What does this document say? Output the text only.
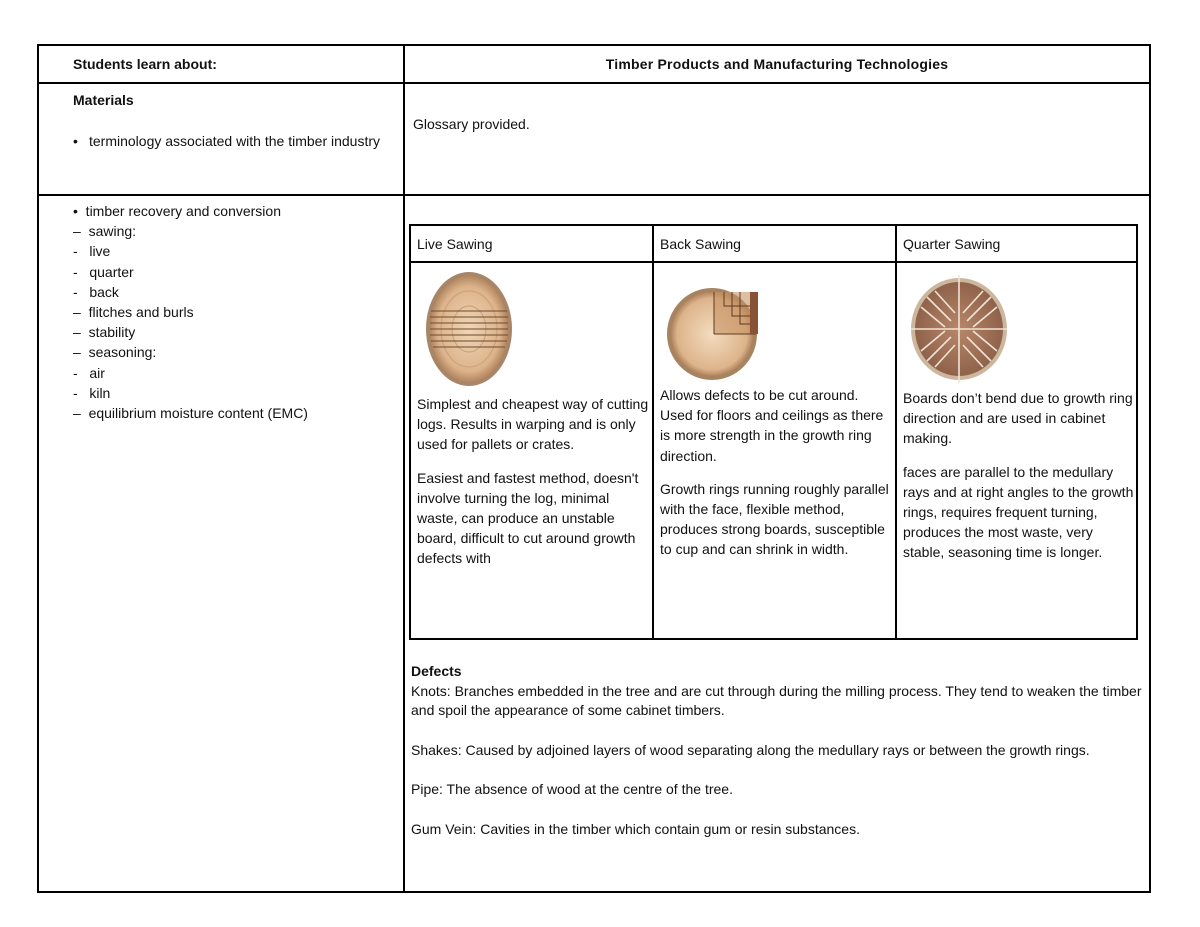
Students learn about:	Timber Products and Manufacturing Technologies
Materials
• terminology associated with the timber industry
Glossary provided.
•  timber recovery and conversion
–  sawing:
-   live
-   quarter
-   back
–  flitches and burls
–  stability
–  seasoning:
-   air
-   kiln
–  equilibrium moisture content (EMC)
Live Sawing

Simplest and cheapest way of cutting logs. Results in warping and is only used for pallets or crates.

Easiest and fastest method, doesn't involve turning the log, minimal waste, can produce an unstable board, difficult to cut around growth defects with

Back Sawing

Allows defects to be cut around. Used for floors and ceilings as there is more strength in the growth ring direction.

Growth rings running roughly parallel with the face, flexible method, produces strong boards, susceptible to cup and can shrink in width.

Quarter Sawing

Boards don’t bend due to growth ring direction and are used in cabinet making.

faces are parallel to the medullary rays and at right angles to the growth rings, requires frequent turning, produces the most waste, very stable, seasoning time is longer.

Defects

Knots: Branches embedded in the tree and are cut through during the milling process. They tend to weaken the timber and spoil the appearance of some cabinet timbers.

Shakes: Caused by adjoined layers of wood separating along the medullary rays or between the growth rings.

Pipe: The absence of wood at the centre of the tree.

Gum Vein: Cavities in the timber which contain gum or resin substances.
